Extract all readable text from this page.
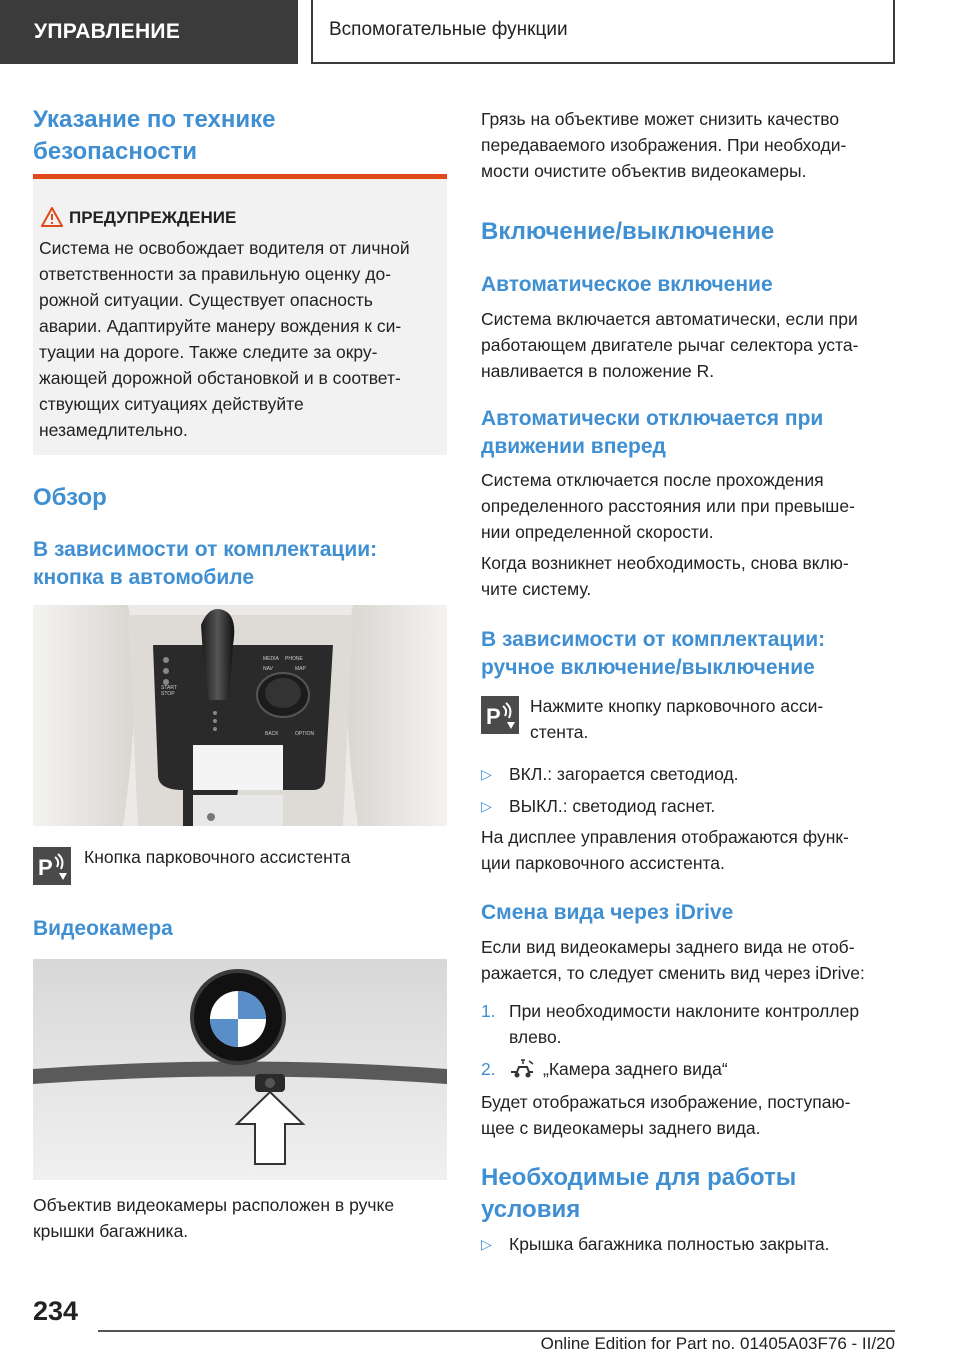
УПРАВЛЕНИЕ	Вспомогательные функции
Указание по технике
безопасности
ПРЕДУПРЕЖДЕНИЕ
Система не освобождает водителя от личной
ответственности за правильную оценку до-
рожной ситуации. Существует опасность
аварии. Адаптируйте манеру вождения к си-
туации на дороге. Также следите за окру-
жающей дорожной обстановкой и в соответ-
ствующих ситуациях действуйте
незамедлительно.
Обзор
В зависимости от комплектации:
кнопка в автомобиле
MEDIA PHONE
NAV	MAP
BACK	OPTION
START
STOP
P Кнопка парковочного ассистента
Видеокамера
Объектив видеокамеры расположен в ручке
крышки багажника.
Грязь на объективе может снизить качество
передаваемого изображения. При необходи-
мости очистите объектив видеокамеры.
Включение/выключение
Автоматическое включение
Система включается автоматически, если при
работающем двигателе рычаг селектора уста-
навливается в положение R.
Автоматически отключается при
движении вперед
Система отключается после прохождения
определенного расстояния или при превыше-
нии определенной скорости.
Когда возникнет необходимость, снова вклю-
чите систему.
В зависимости от комплектации:
ручное включение/выключение
P Нажмите кнопку парковочного асси-
стента.
▷ ВКЛ.: загорается светодиод.
▷ ВЫКЛ.: светодиод гаснет.
На дисплее управления отображаются функ-
ции парковочного ассистента.
Смена вида через iDrive
Если вид видеокамеры заднего вида не отоб-
ражается, то следует сменить вид через iDrive:
1. При необходимости наклоните контроллер
влево.
2.	„Камера заднего вида“
Будет отображаться изображение, поступаю-
щее с видеокамеры заднего вида.
Необходимые для работы
условия
▷ Крышка багажника полностью закрыта.
234
Online Edition for Part no. 01405A03F76 - II/20
